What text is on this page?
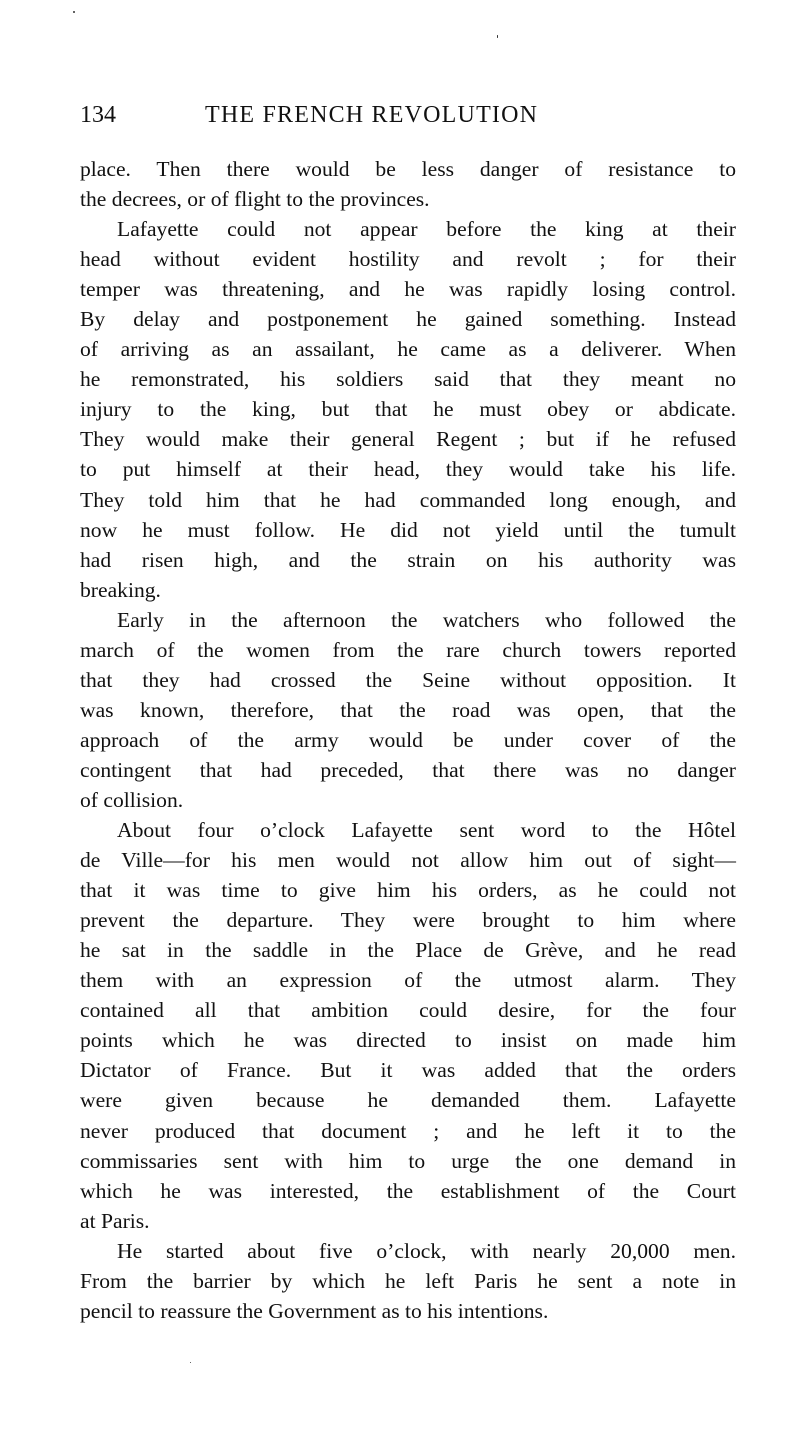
134	THE FRENCH REVOLUTION
place. Then there would be less danger of resistance to
the decrees, or of flight to the provinces.
Lafayette could not appear before the king at their
head without evident hostility and revolt ; for their
temper was threatening, and he was rapidly losing control.
By delay and postponement he gained something. Instead
of arriving as an assailant, he came as a deliverer. When
he remonstrated, his soldiers said that they meant no
injury to the king, but that he must obey or abdicate.
They would make their general Regent ; but if he refused
to put himself at their head, they would take his life.
They told him that he had commanded long enough, and
now he must follow. He did not yield until the tumult
had risen high, and the strain on his authority was
breaking.
Early in the afternoon the watchers who followed the
march of the women from the rare church towers reported
that they had crossed the Seine without opposition. It
was known, therefore, that the road was open, that the
approach of the army would be under cover of the
contingent that had preceded, that there was no danger
of collision.
About four o’clock Lafayette sent word to the Hôtel
de Ville—for his men would not allow him out of sight—
that it was time to give him his orders, as he could not
prevent the departure. They were brought to him where
he sat in the saddle in the Place de Grève, and he read
them with an expression of the utmost alarm. They
contained all that ambition could desire, for the four
points which he was directed to insist on made him
Dictator of France. But it was added that the orders
were given because he demanded them. Lafayette
never produced that document ; and he left it to the
commissaries sent with him to urge the one demand in
which he was interested, the establishment of the Court
at Paris.
He started about five o’clock, with nearly 20,000 men.
From the barrier by which he left Paris he sent a note in
pencil to reassure the Government as to his intentions.
